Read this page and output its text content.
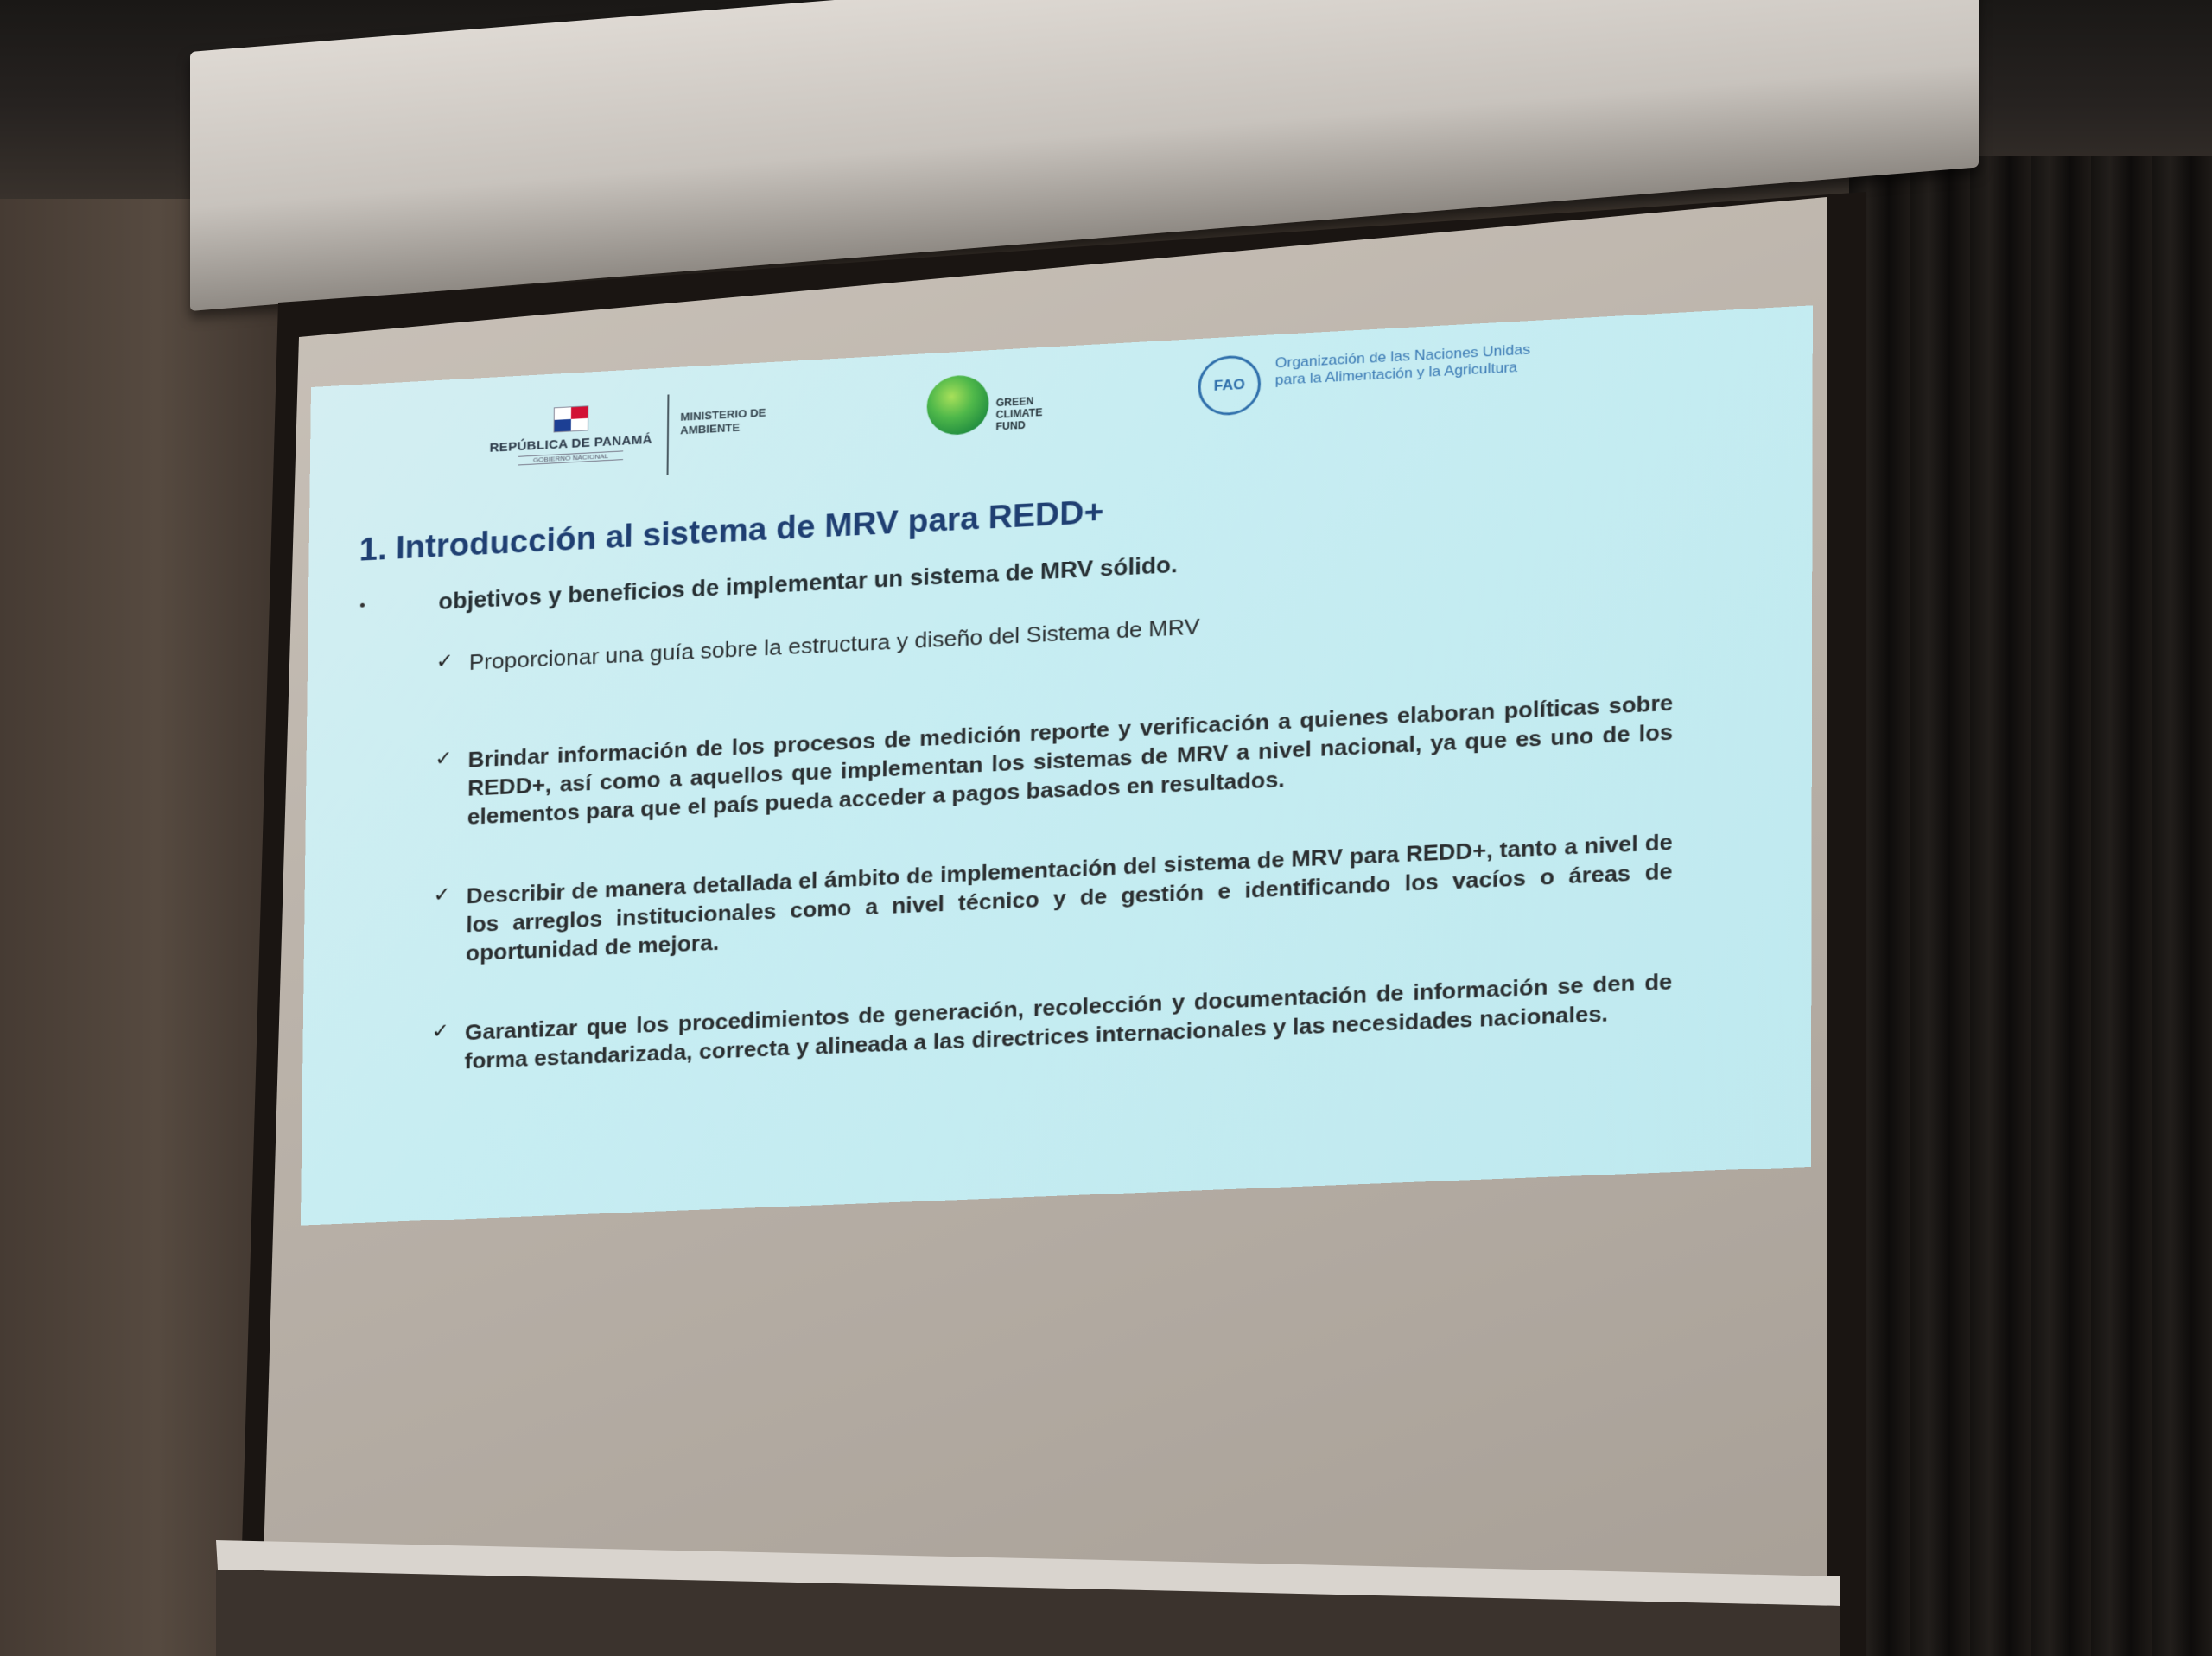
REPÚBLICA DE PANAMÁ
GOBIERNO NACIONAL
MINISTERIO DE AMBIENTE
GREEN CLIMATE FUND
FAO
Organización de las Naciones Unidas para la Alimentación y la Agricultura
1. Introducción al sistema de MRV para REDD+
objetivos y beneficios de implementar un sistema de MRV sólido.
✓ Proporcionar una guía sobre la estructura y diseño del Sistema de MRV
✓ Brindar información de los procesos de medición reporte y verificación a quienes elaboran políticas sobre REDD+, así como a aquellos que implementan los sistemas de MRV a nivel nacional, ya que es uno de los elementos para que el país pueda acceder a pagos basados en resultados.
✓ Describir de manera detallada el ámbito de implementación del sistema de MRV para REDD+, tanto a nivel de los arreglos institucionales como a nivel técnico y de gestión e identificando los vacíos o áreas de oportunidad de mejora.
✓ Garantizar que los procedimientos de generación, recolección y documentación de información se den de forma estandarizada, correcta y alineada a las directrices internacionales y las necesidades nacionales.
